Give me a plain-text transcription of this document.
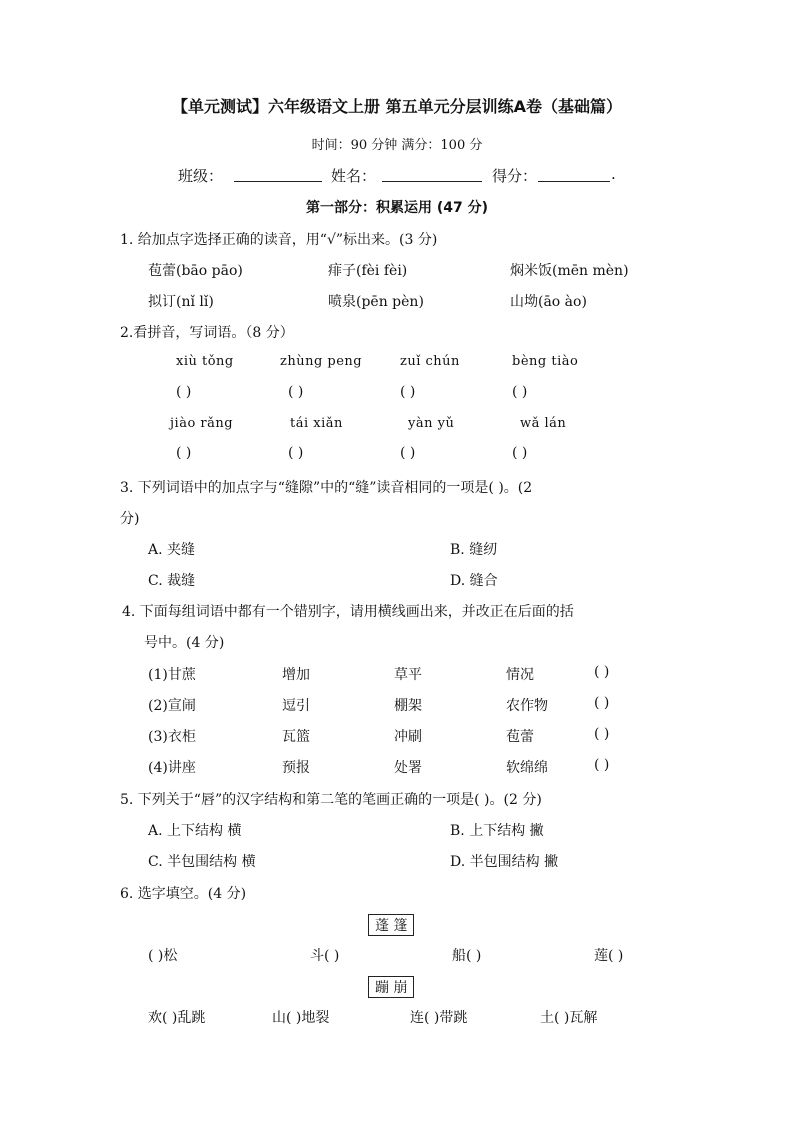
【单元测试】六年级语文上册 第五单元分层训练A卷（基础篇）
时间：90 分钟 满分：100 分
班级：	姓名：	得分：	.
第一部分：积累运用 (47 分)
1. 给加点字选择正确的读音，用“√”标出来。(3 分)
苞蕾(bāo pāo)	痱子(fèi fèi)	焖米饭(mēn mèn)
拟订(nǐ lǐ)	喷泉(pēn pèn)	山坳(āo ào)
2.看拼音，写词语。（8 分）
xiù tǒng	zhùng peng	zuǐ chún	bèng tiào
( )	( )	( )	( )
jiào rǎng	tái xiǎn	yàn yǔ	wǎ lán
( )	( )	( )	( )
3. 下列词语中的加点字与“缝隙”中的“缝”读音相同的一项是( )。(2
分)
A. 夹缝	B. 缝纫
C. 裁缝	D. 缝合
4. 下面每组词语中都有一个错别字，请用横线画出来，并改正在后面的括
号中。(4 分)
(1)甘蔗	增加	草平	情况	( )
(2)宣闹	逗引	棚架	农作物	( )
(3)衣柜	瓦篮	冲刷	苞蕾	( )
(4)讲座	预报	处署	软绵绵	( )
5. 下列关于“唇”的汉字结构和第二笔的笔画正确的一项是( )。(2 分)
A. 上下结构 横	B. 上下结构 撇
C. 半包围结构 横	D. 半包围结构 撇
6. 选字填空。(4 分)
蓬 篷
( )松	斗( )	船( )	莲( )
蹦 崩
欢( )乱跳	山( )地裂	连( )带跳	土( )瓦解
